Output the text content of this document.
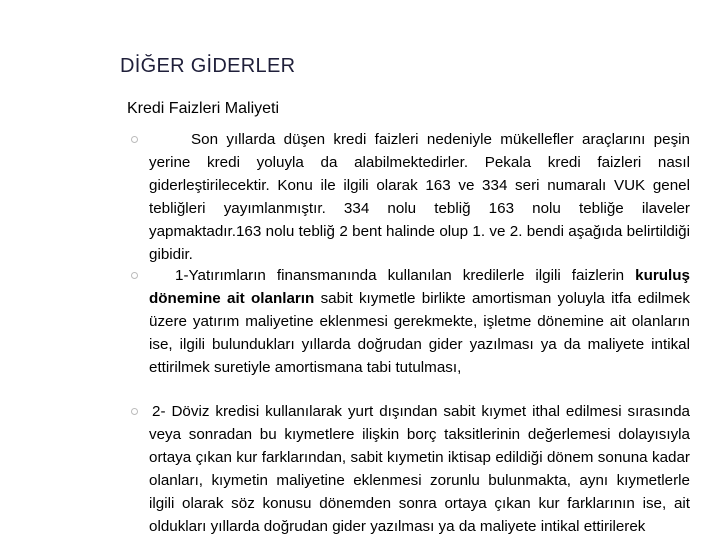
DİĞER GİDERLER
Kredi Faizleri Maliyeti
Son yıllarda düşen kredi faizleri nedeniyle mükellefler araçlarını peşin yerine kredi yoluyla da alabilmektedirler. Pekala kredi faizleri nasıl giderleştirilecektir. Konu ile ilgili olarak 163 ve 334 seri numaralı VUK genel tebliğleri yayımlanmıştır. 334 nolu tebliğ 163 nolu tebliğe ilaveler yapmaktadır.163 nolu tebliğ 2 bent halinde olup 1. ve 2. bendi aşağıda belirtildiği gibidir.
1-Yatırımların finansmanında kullanılan kredilerle ilgili faizlerin kuruluş dönemine ait olanların sabit kıymetle birlikte amortisman yoluyla itfa edilmek üzere yatırım maliyetine eklenmesi gerekmekte, işletme dönemine ait olanların ise, ilgili bulundukları yıllarda doğrudan gider yazılması ya da maliyete intikal ettirilmek suretiyle amortismana tabi tutulması,
2- Döviz kredisi kullanılarak yurt dışından sabit kıymet ithal edilmesi sırasında veya sonradan bu kıymetlere ilişkin borç taksitlerinin değerlemesi dolayısıyla ortaya çıkan kur farklarından, sabit kıymetin iktisap edildiği dönem sonuna kadar olanları, kıymetin maliyetine eklenmesi zorunlu bulunmakta, aynı kıymetlerle ilgili olarak söz konusu dönemden sonra ortaya çıkan kur farklarının ise, ait oldukları yıllarda doğrudan gider yazılması ya da maliyete intikal ettirilerek
